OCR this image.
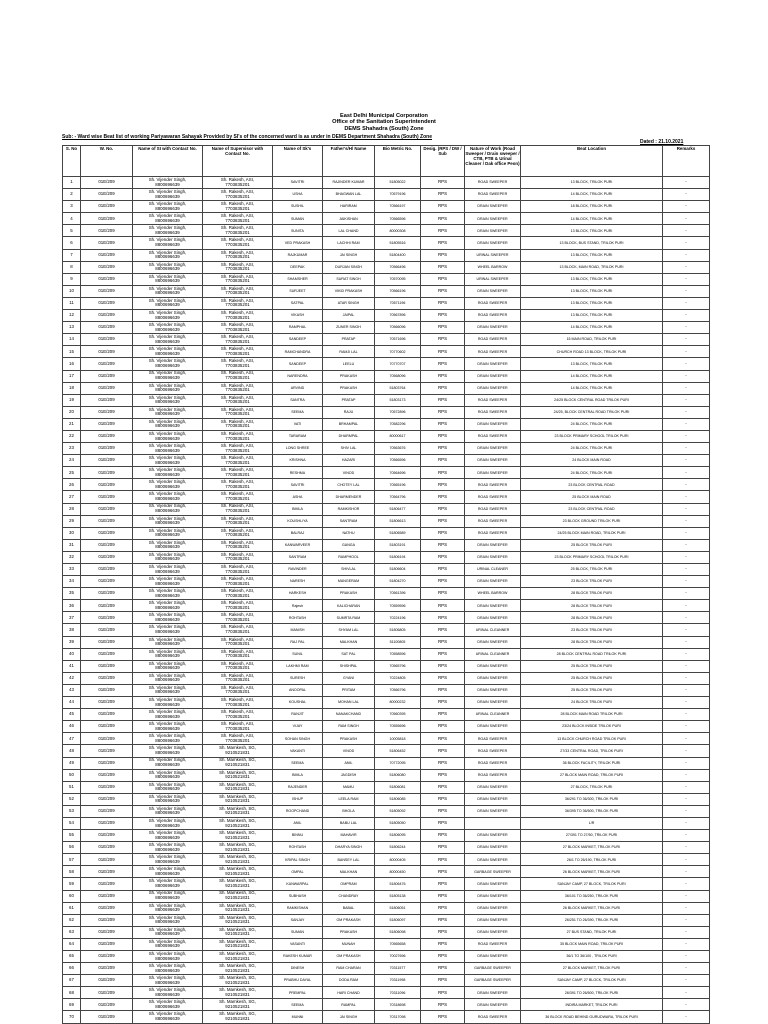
East Delhi Municipal Corporation
Office of the Sanitation Superintendent
DEMS Shahadra (South) Zone
Sub: - Ward wise Beat list of working Pariyawaran Sahayak Provided by SI's of the concerned ward is as under in DEMS Department Shahadra (South) Zone
Dated : 21.10.2021
S. No	W. No.	Name of SI with Contact No.	Name of Supervisor with Contact No.	Name of Sk's	Father's/H/ Name	Bio Metric No.	Desig. (RPS / DW / Sub	Nature of Work (Road Sweeper / Drain sweeper / CTB, PTB & Urinal Cleaner / Dak office Peon)	Beat Location	Remarks

1	01E/209	Sh. Vijender Singh,
8800696639	Sh. Rakesh, ASI,
7703835201	SAVITRI	RAJINDER KUMAR	51805022	RPS	ROAD SWEEPER	13 BLOCK, TRILOK PURI	-

2	01E/209	Sh. Vijender Singh,
8800696639	Sh. Rakesh, ASI,
7703835201	USHA	BHAGWAN LAL	70579196	RPS	ROAD SWEEPER	14 BLOCK, TRILOK PURI	-

3	01E/209	Sh. Vijender Singh,
8800696639	Sh. Rakesh, ASI,
7703835201	SUSHIL	HARIRAM	70566197	RPS	DRAIN SWEEPER	18 BLOCK, TRILOK PURI	-

4	01E/209	Sh. Vijender Singh,
8800696639	Sh. Rakesh, ASI,
7703835201	SUMAN	JAIKISHAN	70566596	RPS	DRAIN SWEEPER	14 BLOCK, TRILOK PURI	-

5	01E/209	Sh. Vijender Singh,
8800696639	Sh. Rakesh, ASI,
7703835201	SUNITA	LAL CHAND	80000308	RPS	DRAIN SWEEPER	13 BLOCK, TRILOK PURI	-

6	01E/209	Sh. Vijender Singh,
8800696639	Sh. Rakesh, ASI,
7703835201	VED PRAKASH	LACHHI RAM	51805516	RPS	DRAIN SWEEPER	13 BLOCK, BUS STAND, TRILOK PURI	-

7	01E/209	Sh. Vijender Singh,
8800696639	Sh. Rakesh, ASI,
7703835201	RAJKUMAR	JAI SINGH	51804400	RPS	URINAL SWEEPER	13 BLOCK, TRILOK PURI	-

8	01E/209	Sh. Vijender Singh,
8800696639	Sh. Rakesh, ASI,
7703835201	DEEPAK	DURJAN SINGH	70566496	RPS	WHEEL BARROW	13 BLOCK, MAIN ROAD, TRILOK PURI	-

9	01E/209	Sh. Vijender Singh,
8800696639	Sh. Rakesh, ASI,
7703835201	SHAMSHER	SURAT SINGH	70570095	RPS	URINAL SWEEPER	13 BLOCK, TRILOK PURI	-

10	01E/209	Sh. Vijender Singh,
8800696639	Sh. Rakesh, ASI,
7703835201	SURJEET	VIKID PRAKASH	70566196	RPS	DRAIN SWEEPER	13 BLOCK, TRILOK PURI	-

11	01E/209	Sh. Vijender Singh,
8800696639	Sh. Rakesh, ASI,
7703835201	SATPAL	ATAR SINGH	70571196	RPS	ROAD SWEEPER	13 BLOCK, TRILOK PURI	-

12	01E/209	Sh. Vijender Singh,
8800696639	Sh. Rakesh, ASI,
7703835201	VIKASH	JAIPAL	70567896	RPS	ROAD SWEEPER	13 BLOCK, TRILOK PURI	-

13	01E/209	Sh. Vijender Singh,
8800696639	Sh. Rakesh, ASI,
7703835201	RAMPHAL	ZUNER SINGH	70566096	RPS	DRAIN SWEEPER	14 BLOCK, TRILOK PURI	-

14	01E/209	Sh. Vijender Singh,
8800696639	Sh. Rakesh, ASI,
7703835201	SANDEEP	PRATAP	70571696	RPS	ROAD SWEEPER	15 MAIN ROAD, TRILOK PURI	-

15	01E/209	Sh. Vijender Singh,
8800696639	Sh. Rakesh, ASI,
7703835201	RAMCHANDRA	RAMJI LAL	70770602	RPS	ROAD SWEEPER	CHURCH ROAD 13 BLOCK, TRILOK PURI	-

16	01E/209	Sh. Vijender Singh,
8800696639	Sh. Rakesh, ASI,
7703835201	SANDEEP	LEELU	70770707	RPS	DRAIN SWEEPER	13 BLOCK, TRILOK PURI	-

17	01E/209	Sh. Vijender Singh,
8800696639	Sh. Rakesh, ASI,
7703835201	NARENDRA	PRAKASH	70568096	RPS	DRAIN SWEEPER	14 BLOCK, TRILOK PURI	-

18	01E/209	Sh. Vijender Singh,
8800696639	Sh. Rakesh, ASI,
7703835201	ARVIND	PRAKASH	51803764	RPS	DRAIN SWEEPER	14 BLOCK, TRILOK PURI	-

19	01E/209	Sh. Vijender Singh,
8800696639	Sh. Rakesh, ASI,
7703835201	SANTRA	PRATAP	51803173	RPS	ROAD SWEEPER	24/25 BLOCK CENTRAL ROAD TRILOK PURI	-

20	01E/209	Sh. Vijender Singh,
8800696639	Sh. Rakesh, ASI,
7703835201	SEEMA	RAJU	70572896	RPS	ROAD SWEEPER	24/25, BLOCK CENTRAL ROAD TRILOK PURI	-

21	01E/209	Sh. Vijender Singh,
8800696639	Sh. Rakesh, ASI,
7703835201	VATI	BRHAMPAL	70582296	RPS	DRAIN SWEEPER	24 BLOCK, TRILOK PURI	-

22	01E/209	Sh. Vijender Singh,
8800696639	Sh. Rakesh, ASI,
7703835201	TARARAM	DHARMPAL	80000617	RPS	ROAD SWEEPER	23 BLOCK PRIMARY SCHOOL TRILOK PURI	-

23	01E/209	Sh. Vijender Singh,
8800696639	Sh. Rakesh, ASI,
7703835201	LONG SHREE	SHIV LAL	70563676	RPS	DRAIN SWEEPER	24 BLOCK, TRILOK PURI	-

24	01E/209	Sh. Vijender Singh,
8800696639	Sh. Rakesh, ASI,
7703835201	KRISHNA	HAZARI	70566596	RPS	DRAIN SWEEPER	24 BLOCK MAIN ROAD	-

25	01E/209	Sh. Vijender Singh,
8800696639	Sh. Rakesh, ASI,
7703835201	RESHMA	VINOD	70564696	RPS	DRAIN SWEEPER	24 BLOCK, TRILOK PURI	-

26	01E/209	Sh. Vijender Singh,
8800696639	Sh. Rakesh, ASI,
7703835201	SAVITRI	CHOTEY LAL	70565196	RPS	ROAD SWEEPER	23 BLOCK CENTRAL ROAD	-

27	01E/209	Sh. Vijender Singh,
8800696639	Sh. Rakesh, ASI,
7703835201	ASHA	DHARMENDER	70564796	RPS	ROAD SWEEPER	25 BLOCK MAIN ROAD	-

28	01E/209	Sh. Vijender Singh,
8800696639	Sh. Rakesh, ASI,
7703835201	BIMLA	RAMKISHOR	51806477	RPS	ROAD SWEEPER	23 BLOCK CENTRAL ROAD	-

29	01E/209	Sh. Vijender Singh,
8800696639	Sh. Rakesh, ASI,
7703835201	KOUSHLIYA	SANTRAM	51806613	RPS	ROAD SWEEPER	23 BLOCK GROUND TRILOK PURI	-

30	01E/209	Sh. Vijender Singh,
8800696639	Sh. Rakesh, ASI,
7703835201	BALRAJ	NATHU	51806589	RPS	ROAD SWEEPER	24/25 BLOCK MAIN ROAD, TRILOK PURI	-

31	01E/209	Sh. Vijender Singh,
8800696639	Sh. Rakesh, ASI,
7703835201	KANWARVEER	GANGA	51803191	RPS	DRAIN SWEEPER	25 BLOCK TRILOK PURI	-

32	01E/209	Sh. Vijender Singh,
8800696639	Sh. Rakesh, ASI,
7703835201	SANTRAM	RAMPHOOL	51806194	RPS	DRAIN SWEEPER	23 BLOCK PRIMARY SCHOOL TRILOK PURI	-

33	01E/209	Sh. Vijender Singh,
8800696639	Sh. Rakesh, ASI,
7703835201	RAVINDER	SHIVLAL	51806604	RPS	URINAL CLEANER	25 BLOCK, TRILOK PURI	-

34	01E/209	Sh. Vijender Singh,
8800696639	Sh. Rakesh, ASI,
7703835201	NARESH	MANGERAM	51804270	RPS	DRAIN SWEEPER	23 BLOCK TRILOK PURI	-

35	01E/209	Sh. Vijender Singh,
8800696639	Sh. Rakesh, ASI,
7703835201	HARKESH	PRAKASH	70561396	RPS	WHEEL BARROW	28 BLOCK TRILOK PURI	-

36	01E/209	Sh. Vijender Singh,
8800696639	Sh. Rakesh, ASI,
7703835201	Rajesh	KALICHARAN	70559596	RPS	DRAIN SWEEPER	28 BLOCK TRILOK PURI	-

37	01E/209	Sh. Vijender Singh,
8800696639	Sh. Rakesh, ASI,
7703835201	ROHTASH	SUMRTA RAM	70224196	RPS	DRAIN SWEEPER	28 BLOCK TRILOK PURI	-

38	01E/209	Sh. Vijender Singh,
8800696639	Sh. Rakesh, ASI,
7703835201	MANISH	SHYAM LAL	51806805	RPS	URINAL CLEANNER	23 BLOCK TRILOK PURI	-

39	01E/209	Sh. Vijender Singh,
8800696639	Sh. Rakesh, ASI,
7703835201	RAJ PAL	MALKHAN	51100805	RPS	DRAIN SWEEPER	28 BLOCK TRILOK PURI	-

40	01E/209	Sh. Vijender Singh,
8800696639	Sh. Rakesh, ASI,
7703835201	SUNIL	SAT PAL	70558596	RPS	URINAL CLEANNER	28 BLOCK CENTRAL ROAD TRILOK PURI	-

41	01E/209	Sh. Vijender Singh,
8800696639	Sh. Rakesh, ASI,
7703835201	LAKHMI RAM	SHISHPAL	70565796	RPS	DRAIN SWEEPER	25 BLOCK TRILOK PURI	-

42	01E/209	Sh. Vijender Singh,
8800696639	Sh. Rakesh, ASI,
7703835201	SURESH	GYANI	70224805	RPS	DRAIN SWEEPER	25 BLOCK TRILOK PURI	-

43	01E/209	Sh. Vijender Singh,
8800696639	Sh. Rakesh, ASI,
7703835201	ANOOPAL	PRITAM	70566796	RPS	DRAIN SWEEPER	25 BLOCK TRILOK PURI	-

44	01E/209	Sh. Vijender Singh,
8800696639	Sh. Rakesh, ASI,
7703835201	KOUSHAL	MOHAN LAL	80000232	RPS	DRAIN SWEEPER	24 BLOCK TRILOK PURI	-

45	01E/209	Sh. Vijender Singh,
8800696639	Sh. Rakesh, ASI,
7703835201	RANJIT	NANAKCHAND	70560395	RPS	URINAL CLEANNER	28 BLOCK MAIN ROAD TRILOK PURI	-

46	01E/209	Sh. Vijender Singh,
8800696639	Sh. Rakesh, ASI,
7703835201	VIJAY	RAM SINGH	70555696	RPS	DRAIN SWEEPER	23/24 BLOCK INSIDE TRILOK PURI	-

47	01E/209	Sh. Vijender Singh,
8800696639	Sh. Rakesh, ASI,
7703835201	SOHAN SINGH	PRAKASH	10005818	RPS	ROAD SWEEPER	13 BLOCK CHURCH ROAD TRILOK PURI	-

48	01E/209	Sh. Vijender Singh,
8800696639	Sh. Mamkesh, SG,
9210521831	VAKANTI	VINOD	51806452	RPS	ROAD SWEEPER	27/33 CENTRAL ROAD, TRILOK PURI	-

49	01E/209	Sh. Vijender Singh,
8800696639	Sh. Mamkesh, SG,
9210521831	SEEMA	ANIL	70772095	RPS	ROAD SWEEPER	36 BLOCK FACILITY, TRILOK PURI	-

50	01E/209	Sh. Vijender Singh,
8800696639	Sh. Mamkesh, SG,
9210521831	BIMLA	JAGDISH	51806080	RPS	ROAD SWEEPER	27 BLOCK MAIN ROAD, TRILOK PURI	-

51	01E/209	Sh. Vijender Singh,
8800696639	Sh. Mamkesh, SG,
9210521831	RAJENDER	MAMU	51806081	RPS	DRAIN SWEEPER	27 BLOCK, TRILOK PURI	-

52	01E/209	Sh. Vijender Singh,
8800696639	Sh. Mamkesh, SG,
9210521831	ISHUP	LEELA RAM	51806085	RPS	DRAIN SWEEPER	36/291 TO 36/300, TRILOK PURI	-

53	01E/209	Sh. Vijender Singh,
8800696639	Sh. Mamkesh, SG,
9210521831	ROOPCHAND	BHOLA	51805092	RPS	DRAIN SWEEPER	36/395 TO 36/500, TRILOK PURI	-

54	01E/209	Sh. Vijender Singh,
8800696639	Sh. Mamkesh, SG,
9210521831	ANIL	BABU LAL	51805050	RPS		L/R	-

55	01E/209	Sh. Vijender Singh,
8800696639	Sh. Mamkesh, SG,
9210521831	BINNU	MAHAVIR	51806095	RPS	DRAIN SWEEPER	27/391 TO 27/50, TRILOK PURI	-

56	01E/209	Sh. Vijender Singh,
8800696639	Sh. Mamkesh, SG,
9210521831	ROHTASH	DHARYA SINGH	51806244	RPS	DRAIN SWEEPER	27 BLOCK MARKET, TRILOK PURI	-

57	01E/209	Sh. Vijender Singh,
8800696639	Sh. Mamkesh, SG,
9210521831	KRIPAL SINGH	BANSEY LAL	80000405	RPS	DRAIN SWEEPER	26/1 TO 26/190, TRILOK PURI	-

58	01E/209	Sh. Vijender Singh,
8800696639	Sh. Mamkesh, SG,
9210521831	OMPAL	MALKHAN	80000450	RPS	GARBAGE SWEEPER	26 BLOCK MARKET, TRILOK PURI	-

59	01E/209	Sh. Vijender Singh,
8800696639	Sh. Mamkesh, SG,
9210521831	KANWARPAL	OMPRAM	51806476	RPS	DRAIN SWEEPER	SANJAY CAMP, 27 BLOCK, TRILOK PURI	-

60	01E/209	Sh. Vijender Singh,
8800696639	Sh. Mamkesh, SG,
9210521831	SUBHASH	CHANDRAY	51805138	RPS	DRAIN SWEEPER	36/101 TO 36/250, TRILOK PURI	-

61	01E/209	Sh. Vijender Singh,
8800696639	Sh. Mamkesh, SG,
9210521831	RAMKISHAN	BABAL	51806051	RPS	DRAIN SWEEPER	26 BLOCK MARKET, TRILOK PURI	-

62	01E/209	Sh. Vijender Singh,
8800696639	Sh. Mamkesh, SG,
9210521831	SANJAY	OM PRAKASH	51806097	RPS	DRAIN SWEEPER	26/251 TO 26/390, TRILOK PURI	-

63	01E/209	Sh. Vijender Singh,
8800696639	Sh. Mamkesh, SG,
9210521831	SUMAN	PRAKASH	51806098	RPS	DRAIN SWEEPER	27 BUS STAND, TRILOK PURI	-

64	01E/209	Sh. Vijender Singh,
8800696639	Sh. Mamkesh, SG,
9210521831	VASANTI	MUNAH	70565658	RPS	ROAD SWEEPER	35 BLOCK MAIN ROAD, TRILOK PURI	-

65	01E/209	Sh. Vijender Singh,
8800696639	Sh. Mamkesh, SG,
9210521831	RAKESH KUMAR	OM PRAKASH	70027696	RPS	DRAIN SWEEPER	36/1 TO 36/100 , TRILOK PURI	-

66	01E/209	Sh. Vijender Singh,
8800696639	Sh. Mamkesh, SG,
9210521831	DINESH	RAM CHARAN	70311577	RPS	GARBAGE SWEEPER	27 BLOCK MARKET, TRILOK PURI	-

67	01E/209	Sh. Vijender Singh,
8800696639	Sh. Mamkesh, SG,
9210521831	PRABHU DAYAL	DODA RAM	70311998	RPS	GARBAGE SWEEPER	SANJAY CAMP, 27 BLOCK, TRILOK PURI	-

68	01E/209	Sh. Vijender Singh,
8800696639	Sh. Mamkesh, SG,
9210521831	PREMPAL	HARI CHAND	70311096	RPS	DRAIN SWEEPER	26/391 TO 26/500, TRILOK PURI	-

69	01E/209	Sh. Vijender Singh,
8800696639	Sh. Mamkesh, SG,
9210521831	SEEMA	RAMPAL	70318698	RPS	DRAIN SWEEPER	INDIRA MARKET, TRILOK PURI	-

70	01E/209	Sh. Vijender Singh,
8800696639	Sh. Mamkesh, SG,
9210521831	MUNNI	JAI SINGH	70317098	RPS	ROAD SWEEPER	36 BLOCK ROAD BEHIND GURUDWARA, TRILOK PURI	-
